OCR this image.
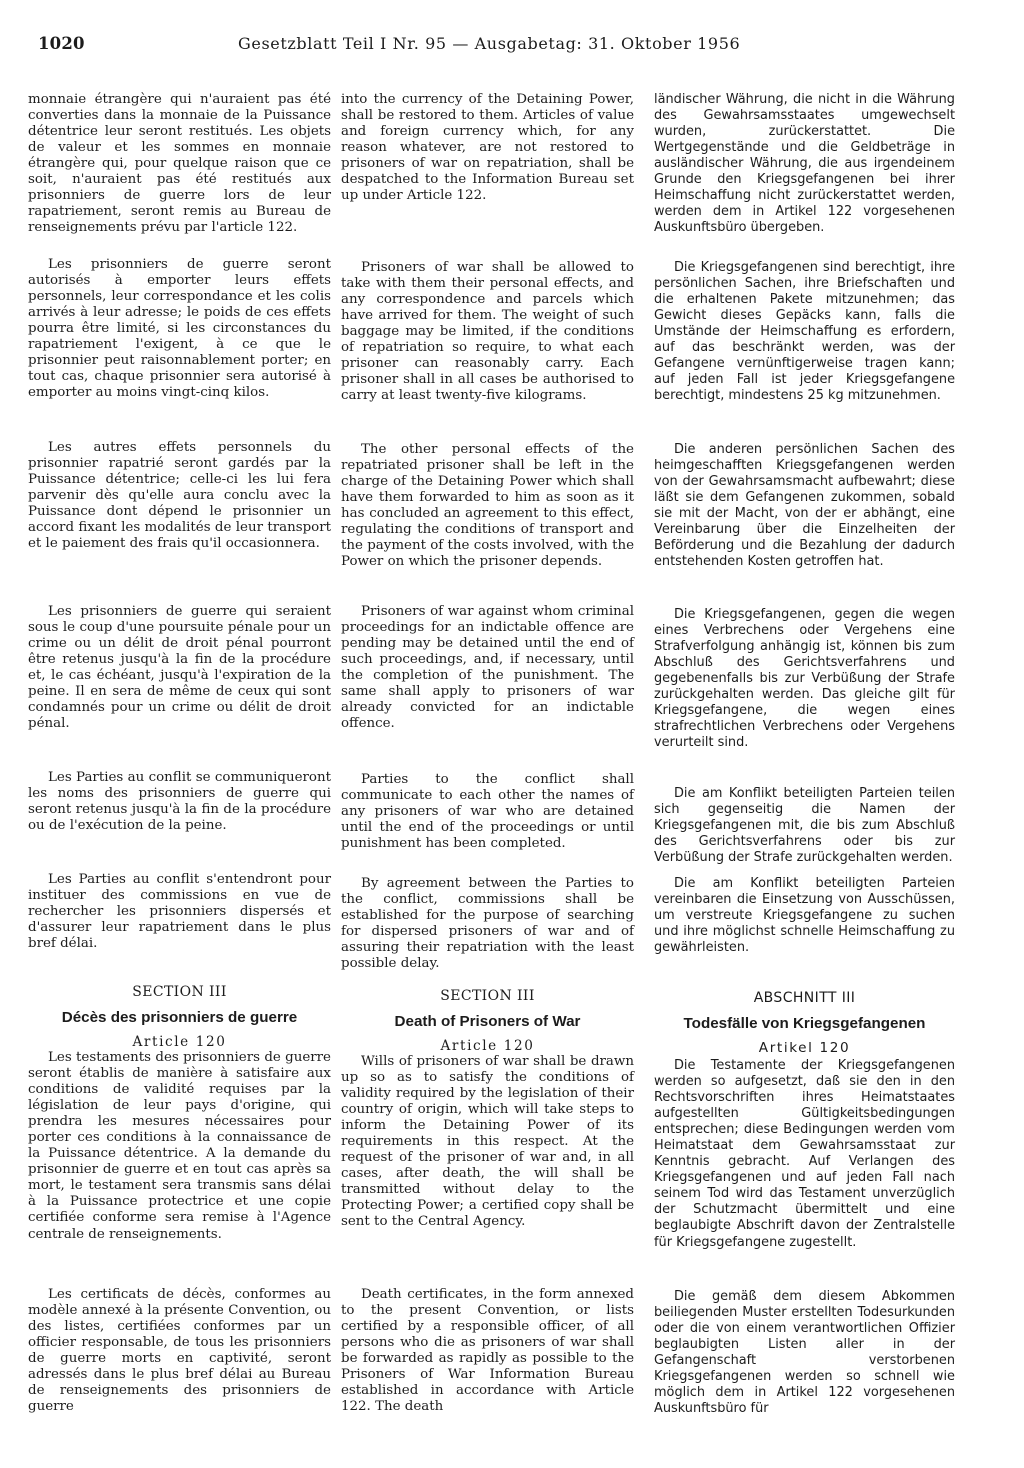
1020	Gesetzblatt Teil I Nr. 95 — Ausgabetag: 31. Oktober 1956

monnaie étrangère qui n'auraient pas été converties dans la monnaie de la Puissance détentrice leur seront restitués. Les objets de valeur et les sommes en monnaie étrangère qui, pour quelque raison que ce soit, n'auraient pas été restitués aux prisonniers de guerre lors de leur rapatriement, seront remis au Bureau de renseignements prévu par l'article 122.

Les prisonniers de guerre seront autorisés à emporter leurs effets personnels, leur correspondance et les colis arrivés à leur adresse; le poids de ces effets pourra être limité, si les circonstances du rapatriement l'exigent, à ce que le prisonnier peut raisonnablement porter; en tout cas, chaque prisonnier sera autorisé à emporter au moins vingt-cinq kilos.

Les autres effets personnels du prisonnier rapatrié seront gardés par la Puissance détentrice; celle-ci les lui fera parvenir dès qu'elle aura conclu avec la Puissance dont dépend le prisonnier un accord fixant les modalités de leur transport et le paiement des frais qu'il occasionnera.

Les prisonniers de guerre qui seraient sous le coup d'une poursuite pénale pour un crime ou un délit de droit pénal pourront être retenus jusqu'à la fin de la procédure et, le cas échéant, jusqu'à l'expiration de la peine. Il en sera de même de ceux qui sont condamnés pour un crime ou délit de droit pénal.

Les Parties au conflit se communiqueront les noms des prisonniers de guerre qui seront retenus jusqu'à la fin de la procédure ou de l'exécution de la peine.

Les Parties au conflit s'entendront pour instituer des commissions en vue de rechercher les prisonniers dispersés et d'assurer leur rapatriement dans le plus bref délai.

SECTION III

Décès des prisonniers de guerre

Article 120

Les testaments des prisonniers de guerre seront établis de manière à satisfaire aux conditions de validité requises par la législation de leur pays d'origine, qui prendra les mesures nécessaires pour porter ces conditions à la connaissance de la Puissance détentrice. A la demande du prisonnier de guerre et en tout cas après sa mort, le testament sera transmis sans délai à la Puissance protectrice et une copie certifiée conforme sera remise à l'Agence centrale de renseignements.

Les certificats de décès, conformes au modèle annexé à la présente Convention, ou des listes, certifiées conformes par un officier responsable, de tous les prisonniers de guerre morts en captivité, seront adressés dans le plus bref délai au Bureau de renseignements des prisonniers de guerre

into the currency of the Detaining Power, shall be restored to them. Articles of value and foreign currency which, for any reason whatever, are not restored to prisoners of war on repatriation, shall be despatched to the Information Bureau set up under Article 122.

Prisoners of war shall be allowed to take with them their personal effects, and any correspondence and parcels which have arrived for them. The weight of such baggage may be limited, if the conditions of repatriation so require, to what each prisoner can reasonably carry. Each prisoner shall in all cases be authorised to carry at least twenty-five kilograms.

The other personal effects of the repatriated prisoner shall be left in the charge of the Detaining Power which shall have them forwarded to him as soon as it has concluded an agreement to this effect, regulating the conditions of transport and the payment of the costs involved, with the Power on which the prisoner depends.

Prisoners of war against whom criminal proceedings for an indictable offence are pending may be detained until the end of such proceedings, and, if necessary, until the completion of the punishment. The same shall apply to prisoners of war already convicted for an indictable offence.

Parties to the conflict shall communicate to each other the names of any prisoners of war who are detained until the end of the proceedings or until punishment has been completed.

By agreement between the Parties to the conflict, commissions shall be established for the purpose of searching for dispersed prisoners of war and of assuring their repatriation with the least possible delay.

SECTION III

Death of Prisoners of War

Article 120

Wills of prisoners of war shall be drawn up so as to satisfy the conditions of validity required by the legislation of their country of origin, which will take steps to inform the Detaining Power of its requirements in this respect. At the request of the prisoner of war and, in all cases, after death, the will shall be transmitted without delay to the Protecting Power; a certified copy shall be sent to the Central Agency.

Death certificates, in the form annexed to the present Convention, or lists certified by a responsible officer, of all persons who die as prisoners of war shall be forwarded as rapidly as possible to the Prisoners of War Information Bureau established in accordance with Article 122. The death

ländischer Währung, die nicht in die Währung des Gewahrsamsstaates umgewechselt wurden, zurückerstattet. Die Wertgegenstände und die Geldbeträge in ausländischer Währung, die aus irgendeinem Grunde den Kriegsgefangenen bei ihrer Heimschaffung nicht zurückerstattet werden, werden dem in Artikel 122 vorgesehenen Auskunftsbüro übergeben.

Die Kriegsgefangenen sind berechtigt, ihre persönlichen Sachen, ihre Briefschaften und die erhaltenen Pakete mitzunehmen; das Gewicht dieses Gepäcks kann, falls die Umstände der Heimschaffung es erfordern, auf das beschränkt werden, was der Gefangene vernünftigerweise tragen kann; auf jeden Fall ist jeder Kriegsgefangene berechtigt, mindestens 25 kg mitzunehmen.

Die anderen persönlichen Sachen des heimgeschafften Kriegsgefangenen werden von der Gewahrsamsmacht aufbewahrt; diese läßt sie dem Gefangenen zukommen, sobald sie mit der Macht, von der er abhängt, eine Vereinbarung über die Einzelheiten der Beförderung und die Bezahlung der dadurch entstehenden Kosten getroffen hat.

Die Kriegsgefangenen, gegen die wegen eines Verbrechens oder Vergehens eine Strafverfolgung anhängig ist, können bis zum Abschluß des Gerichtsverfahrens und gegebenenfalls bis zur Verbüßung der Strafe zurückgehalten werden. Das gleiche gilt für Kriegsgefangene, die wegen eines strafrechtlichen Verbrechens oder Vergehens verurteilt sind.

Die am Konflikt beteiligten Parteien teilen sich gegenseitig die Namen der Kriegsgefangenen mit, die bis zum Abschluß des Gerichtsverfahrens oder bis zur Verbüßung der Strafe zurückgehalten werden.

Die am Konflikt beteiligten Parteien vereinbaren die Einsetzung von Ausschüssen, um verstreute Kriegsgefangene zu suchen und ihre möglichst schnelle Heimschaffung zu gewährleisten.

ABSCHNITT III

Todesfälle von Kriegsgefangenen

Artikel 120

Die Testamente der Kriegsgefangenen werden so aufgesetzt, daß sie den in den Rechtsvorschriften ihres Heimatstaates aufgestellten Gültigkeitsbedingungen entsprechen; diese Bedingungen werden vom Heimatstaat dem Gewahrsamsstaat zur Kenntnis gebracht. Auf Verlangen des Kriegsgefangenen und auf jeden Fall nach seinem Tod wird das Testament unverzüglich der Schutzmacht übermittelt und eine beglaubigte Abschrift davon der Zentralstelle für Kriegsgefangene zugestellt.

Die gemäß dem diesem Abkommen beiliegenden Muster erstellten Todesurkunden oder die von einem verantwortlichen Offizier beglaubigten Listen aller in der Gefangenschaft verstorbenen Kriegsgefangenen werden so schnell wie möglich dem in Artikel 122 vorgesehenen Auskunftsbüro für
